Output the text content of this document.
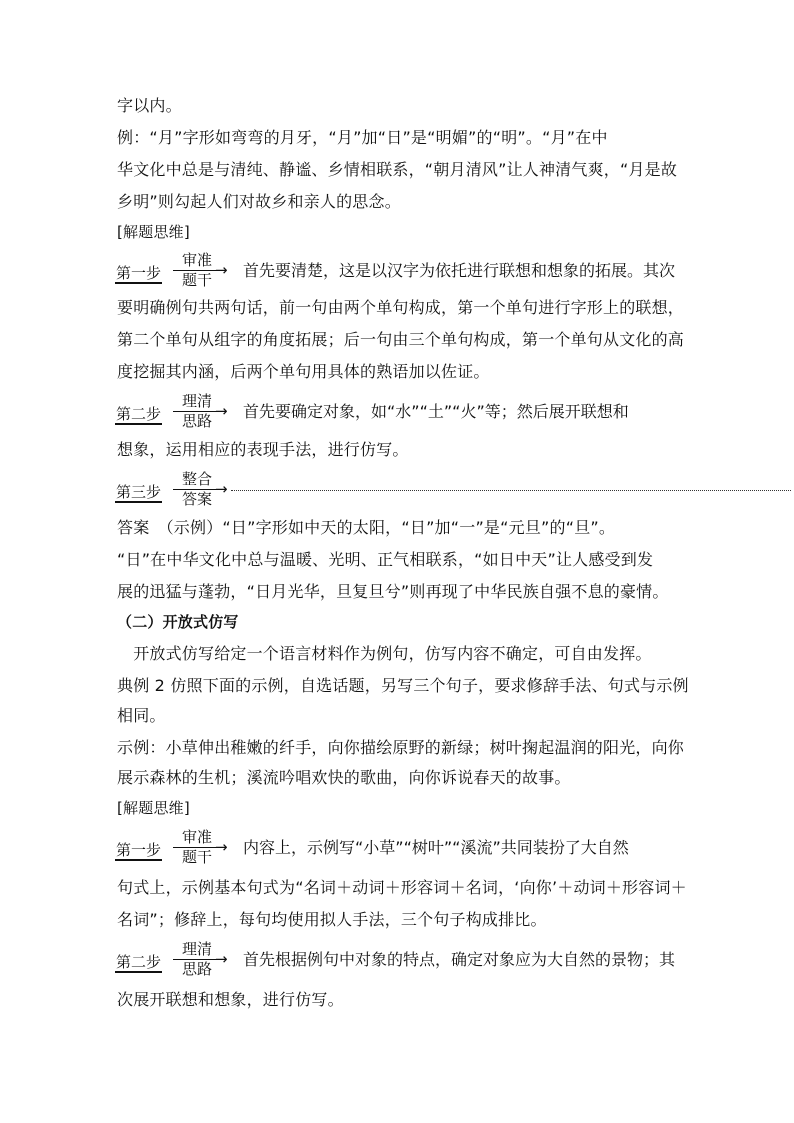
字以内。
例：“月”字形如弯弯的月牙，“月”加“日”是“明媚”的“明”。“月”在中
华文化中总是与清纯、静谧、乡情相联系，“朝月清风”让人神清气爽，“月是故
乡明”则勾起人们对故乡和亲人的思念。
[解题思维]
第一步
审准
题干
→ 首先要清楚，这是以汉字为依托进行联想和想象的拓展。其次
要明确例句共两句话，前一句由两个单句构成，第一个单句进行字形上的联想，
第二个单句从组字的角度拓展；后一句由三个单句构成，第一个单句从文化的高
度挖掘其内涵，后两个单句用具体的熟语加以佐证。
第二步
理清
思路
→ 首先要确定对象，如“水”“土”“火”等；然后展开联想和
想象，运用相应的表现手法，进行仿写。
第三步
整合
答案
→
答案　（示例）“日”字形如中天的太阳，“日”加“一”是“元旦”的“旦”。
“日”在中华文化中总与温暖、光明、正气相联系，“如日中天”让人感受到发
展的迅猛与蓬勃，“日月光华，旦复旦兮”则再现了中华民族自强不息的豪情。
（二）开放式仿写
　开放式仿写给定一个语言材料作为例句，仿写内容不确定，可自由发挥。
典例 2 仿照下面的示例，自选话题，另写三个句子，要求修辞手法、句式与示例
相同。
示例：小草伸出稚嫩的纤手，向你描绘原野的新绿；树叶掬起温润的阳光，向你
展示森林的生机；溪流吟唱欢快的歌曲，向你诉说春天的故事。
[解题思维]
第一步
审准
题干
→ 内容上，示例写“小草”“树叶”“溪流”共同装扮了大自然
句式上，示例基本句式为“名词＋动词＋形容词＋名词，‘向你’＋动词＋形容词＋
名词”；修辞上，每句均使用拟人手法，三个句子构成排比。
第二步
理清
思路
→ 首先根据例句中对象的特点，确定对象应为大自然的景物；其
次展开联想和想象，进行仿写。
